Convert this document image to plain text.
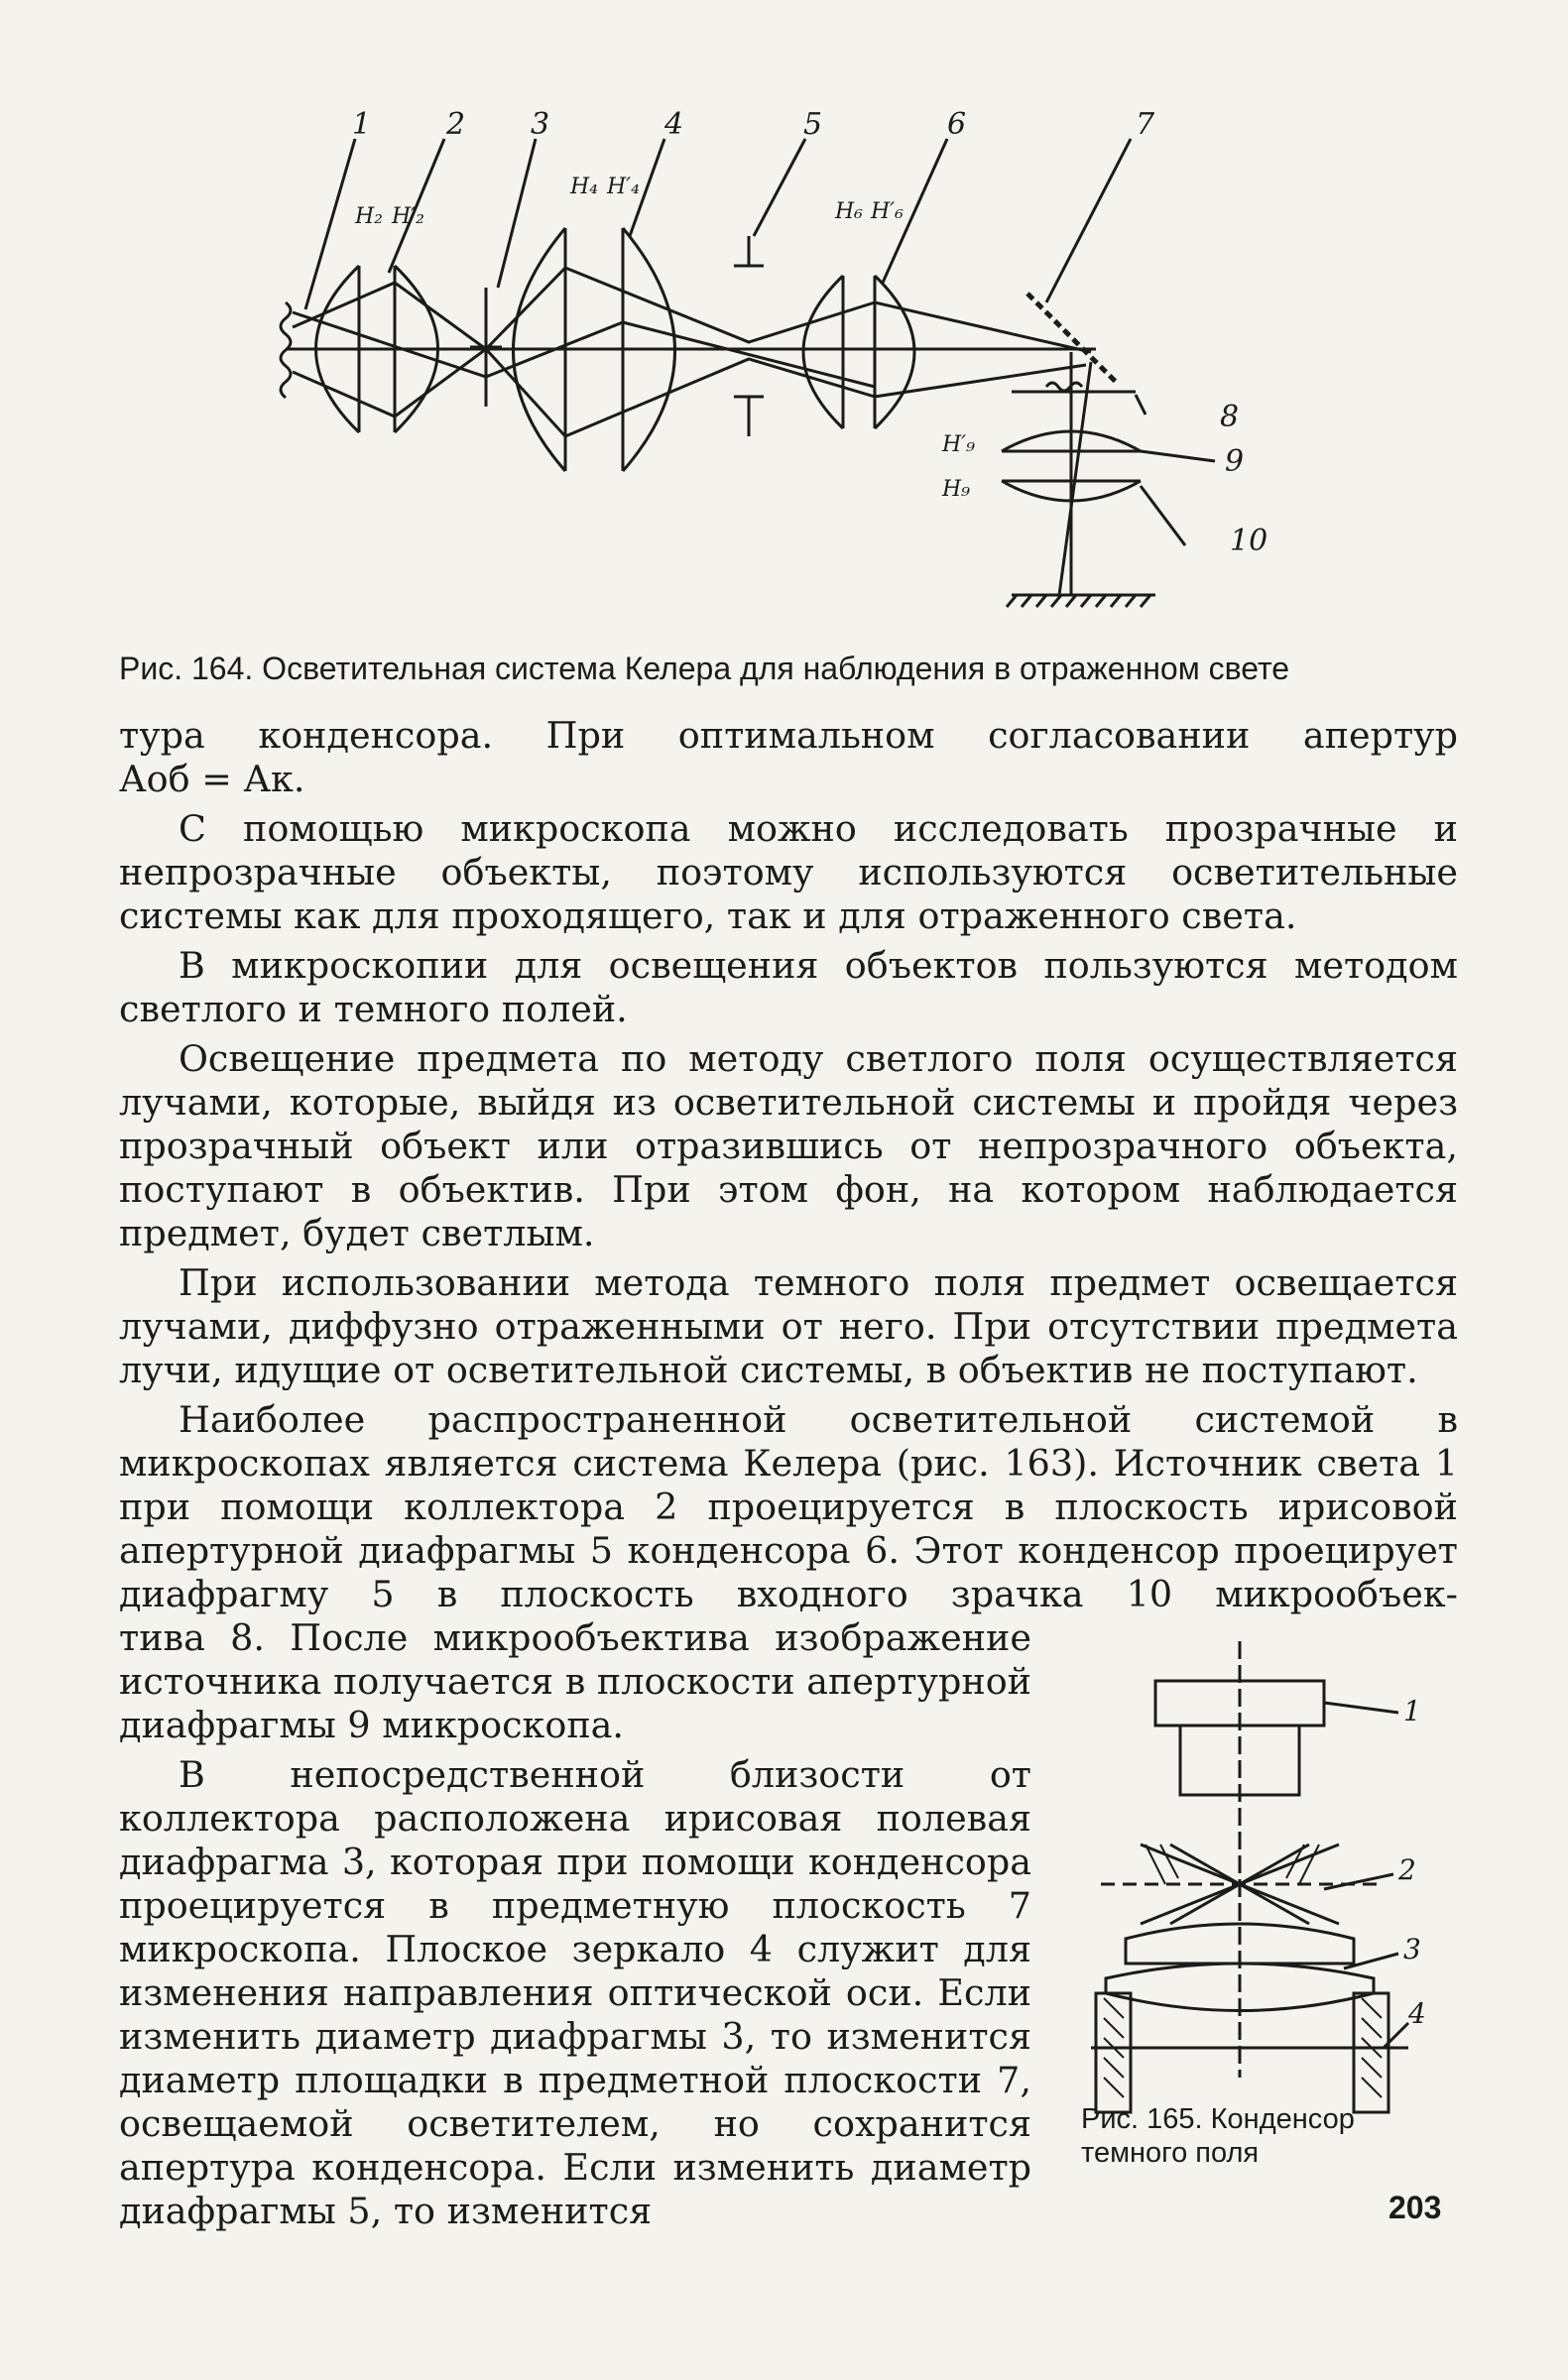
1	2 3	4	5	6	7
8
9
10
H₂ H′₂
H₄ H′₄
H₆ H′₆
H′₉
H₉
Рис. 164. Осветительная система Келера для наблюдения в отраженном свете

тура конденсора. При оптимальном согласовании апертур

Аоб = Ак.

С помощью микроскопа можно исследовать прозрачные и непрозрачные объекты, поэтому используются осветительные системы как для проходящего, так и для отраженного света.

В микроскопии для освещения объектов пользуются методом светлого и темного полей.

Освещение предмета по методу светлого поля осуществляется лучами, которые, выйдя из осветительной системы и пройдя через прозрачный объект или отразившись от непрозрачного объекта, поступают в объектив. При этом фон, на котором наблюдается предмет, будет светлым.

При использовании метода темного поля предмет освещается лучами, диффузно отраженными от него. При отсутствии предмета лучи, идущие от осветительной системы, в объектив не поступают.

Наиболее распространенной осветительной системой в микроскопах является система Келера (рис. 163). Источник света 1 при помощи коллектора 2 проецируется в плоскость ирисовой апертурной диафрагмы 5 конденсора 6. Этот конденсор проецирует диафрагму 5 в плоскость входного зрачка 10 микрообъек-

тива 8. После микрообъектива изображение источника получается в плоскости апертурной диафрагмы 9 микроскопа.

В непосредственной близости от коллектора расположена ирисовая полевая диафрагма 3, которая при помощи конденсора проецируется в предметную плоскость 7 микроскопа. Плоское зеркало 4 служит для изменения направления оптической оси. Если изменить диаметр диафрагмы 3, то изменится диаметр площадки в предметной плоскости 7, освещаемой осветителем, но сохранится апертура конденсора. Если изменить диаметр диафрагмы 5, то изменится

1
2
3
4
Рис. 165. Конденсор
темного поля
203
